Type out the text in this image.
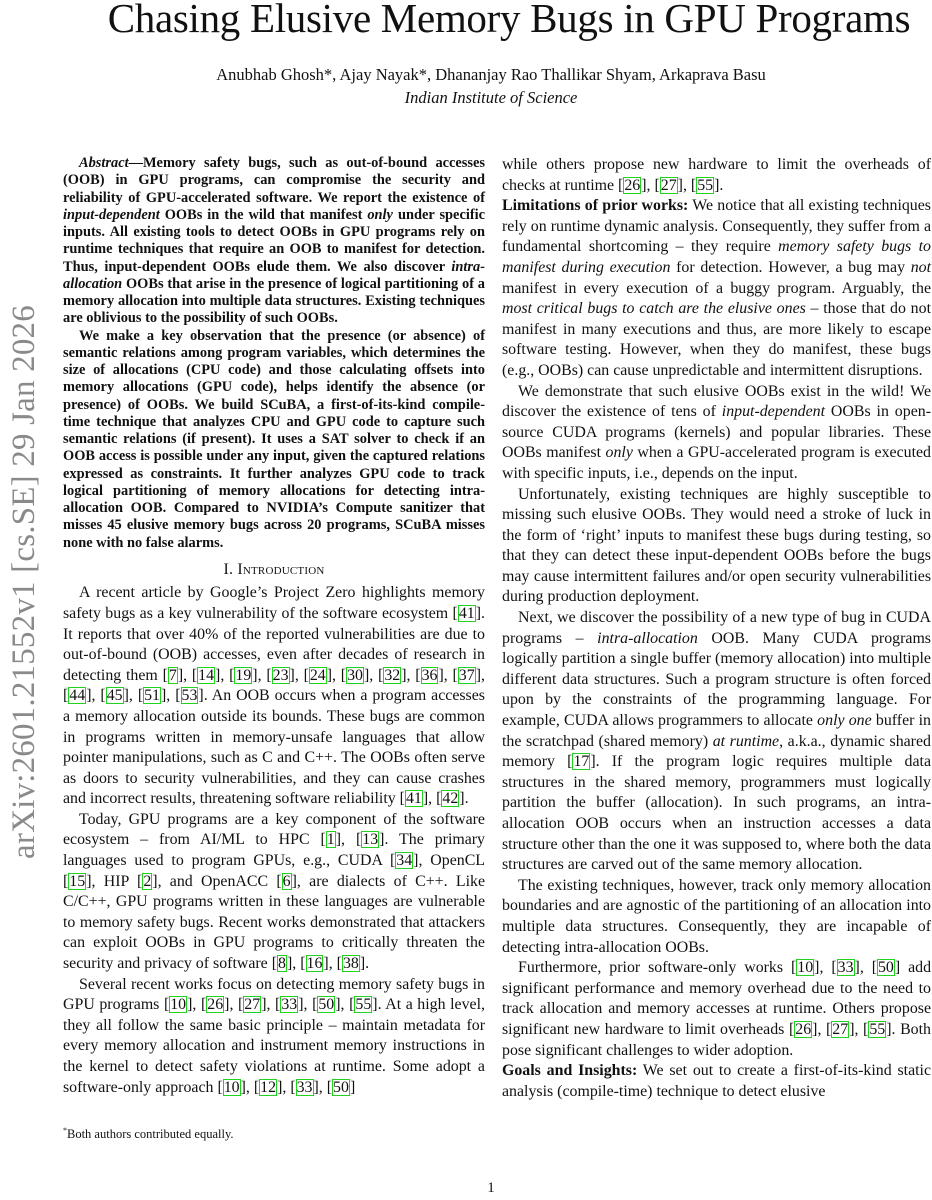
Chasing Elusive Memory Bugs in GPU Programs
Anubhab Ghosh*, Ajay Nayak*, Dhananjay Rao Thallikar Shyam, Arkaprava Basu
Indian Institute of Science
arXiv:2601.21552v1 [cs.SE] 29 Jan 2026

Abstract—Memory safety bugs, such as out-of-bound accesses (OOB) in GPU programs, can compromise the security and reliability of GPU-accelerated software. We report the existence of input-dependent OOBs in the wild that manifest only under specific inputs. All existing tools to detect OOBs in GPU programs rely on runtime techniques that require an OOB to manifest for detection. Thus, input-dependent OOBs elude them. We also discover intra-allocation OOBs that arise in the presence of logical partitioning of a memory allocation into multiple data structures. Existing techniques are oblivious to the possibility of such OOBs.

We make a key observation that the presence (or absence) of semantic relations among program variables, which determines the size of allocations (CPU code) and those calculating offsets into memory allocations (GPU code), helps identify the absence (or presence) of OOBs. We build SCuBA, a first-of-its-kind compile-time technique that analyzes CPU and GPU code to capture such semantic relations (if present). It uses a SAT solver to check if an OOB access is possible under any input, given the captured relations expressed as constraints. It further analyzes GPU code to track logical partitioning of memory allocations for detecting intra-allocation OOB. Compared to NVIDIA’s Compute sanitizer that misses 45 elusive memory bugs across 20 programs, SCuBA misses none with no false alarms.

I. Introduction

A recent article by Google’s Project Zero highlights memory safety bugs as a key vulnerability of the software ecosystem [41]. It reports that over 40% of the reported vulnerabilities are due to out-of-bound (OOB) accesses, even after decades of research in detecting them [7], [14], [19], [23], [24], [30], [32], [36], [37], [44], [45], [51], [53]. An OOB occurs when a program accesses a memory allocation outside its bounds. These bugs are common in programs written in memory-unsafe languages that allow pointer manipulations, such as C and C++. The OOBs often serve as doors to security vulnerabilities, and they can cause crashes and incorrect results, threatening software reliability [41], [42].

Today, GPU programs are a key component of the software ecosystem – from AI/ML to HPC [1], [13]. The primary languages used to program GPUs, e.g., CUDA [34], OpenCL [15], HIP [2], and OpenACC [6], are dialects of C++. Like C/C++, GPU programs written in these languages are vulnerable to memory safety bugs. Recent works demonstrated that attackers can exploit OOBs in GPU programs to critically threaten the security and privacy of software [8], [16], [38].

Several recent works focus on detecting memory safety bugs in GPU programs [10], [26], [27], [33], [50], [55]. At a high level, they all follow the same basic principle – maintain metadata for every memory allocation and instrument memory instructions in the kernel to detect safety violations at runtime. Some adopt a software-only approach [10], [12], [33], [50]

*Both authors contributed equally.

while others propose new hardware to limit the overheads of checks at runtime [26], [27], [55].

Limitations of prior works: We notice that all existing techniques rely on runtime dynamic analysis. Consequently, they suffer from a fundamental shortcoming – they require memory safety bugs to manifest during execution for detection. However, a bug may not manifest in every execution of a buggy program. Arguably, the most critical bugs to catch are the elusive ones – those that do not manifest in many executions and thus, are more likely to escape software testing. However, when they do manifest, these bugs (e.g., OOBs) can cause unpredictable and intermittent disruptions.

We demonstrate that such elusive OOBs exist in the wild! We discover the existence of tens of input-dependent OOBs in open-source CUDA programs (kernels) and popular libraries. These OOBs manifest only when a GPU-accelerated program is executed with specific inputs, i.e., depends on the input.

Unfortunately, existing techniques are highly susceptible to missing such elusive OOBs. They would need a stroke of luck in the form of ‘right’ inputs to manifest these bugs during testing, so that they can detect these input-dependent OOBs before the bugs may cause intermittent failures and/or open security vulnerabilities during production deployment.

Next, we discover the possibility of a new type of bug in CUDA programs – intra-allocation OOB. Many CUDA programs logically partition a single buffer (memory allocation) into multiple different data structures. Such a program structure is often forced upon by the constraints of the programming language. For example, CUDA allows programmers to allocate only one buffer in the scratchpad (shared memory) at runtime, a.k.a., dynamic shared memory [17]. If the program logic requires multiple data structures in the shared memory, programmers must logically partition the buffer (allocation). In such programs, an intra-allocation OOB occurs when an instruction accesses a data structure other than the one it was supposed to, where both the data structures are carved out of the same memory allocation.

The existing techniques, however, track only memory allocation boundaries and are agnostic of the partitioning of an allocation into multiple data structures. Consequently, they are incapable of detecting intra-allocation OOBs.

Furthermore, prior software-only works [10], [33], [50] add significant performance and memory overhead due to the need to track allocation and memory accesses at runtime. Others propose significant new hardware to limit overheads [26], [27], [55]. Both pose significant challenges to wider adoption.

Goals and Insights: We set out to create a first-of-its-kind static analysis (compile-time) technique to detect elusive

1
